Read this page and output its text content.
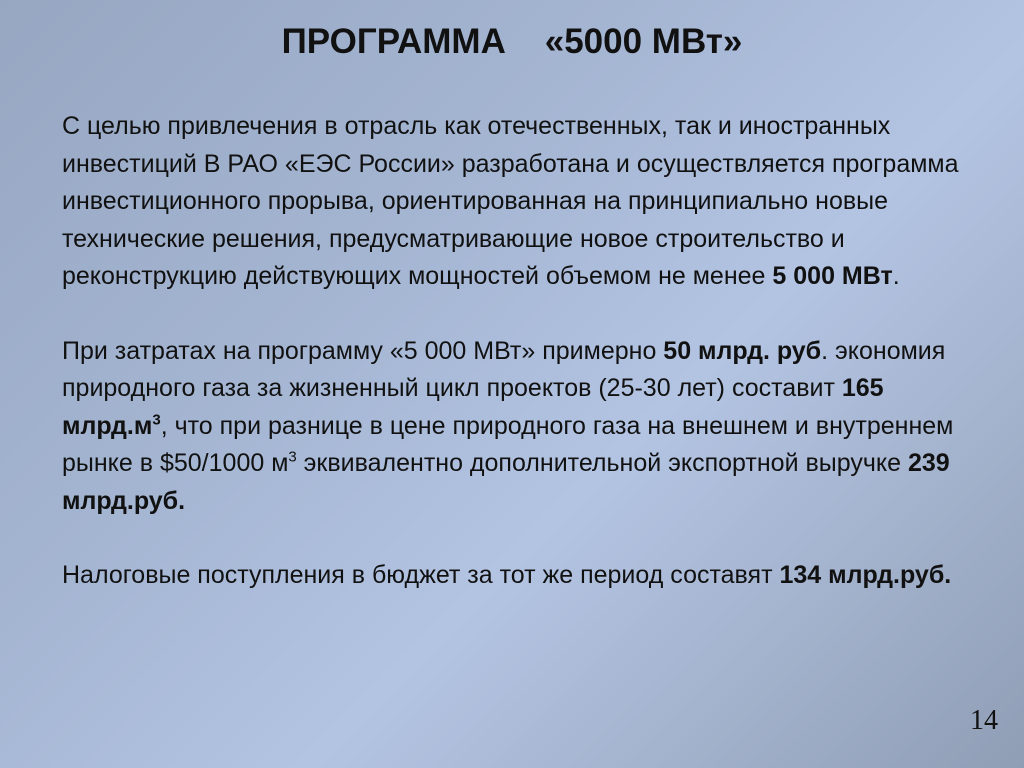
ПРОГРАММА    «5000 МВт»

С целью привлечения в отрасль как отечественных, так и иностранных инвестиций В РАО «ЕЭС России» разработана и осуществляется программа инвестиционного прорыва, ориентированная на принципиально новые технические решения, предусматривающие новое строительство и реконструкцию действующих мощностей объемом не менее 5 000 МВт.

При затратах на программу «5 000 МВт» примерно 50 млрд. руб. экономия природного газа за жизненный цикл проектов (25-30 лет) составит 165 $млрд.м^3$, что при разнице в цене природного газа на внешнем и внутреннем рынке в $50/1000 $м^3$ эквивалентно дополнительной экспортной выручке 239 млрд.руб.

Налоговые поступления в бюджет за тот же период составят 134 млрд.руб.

14
